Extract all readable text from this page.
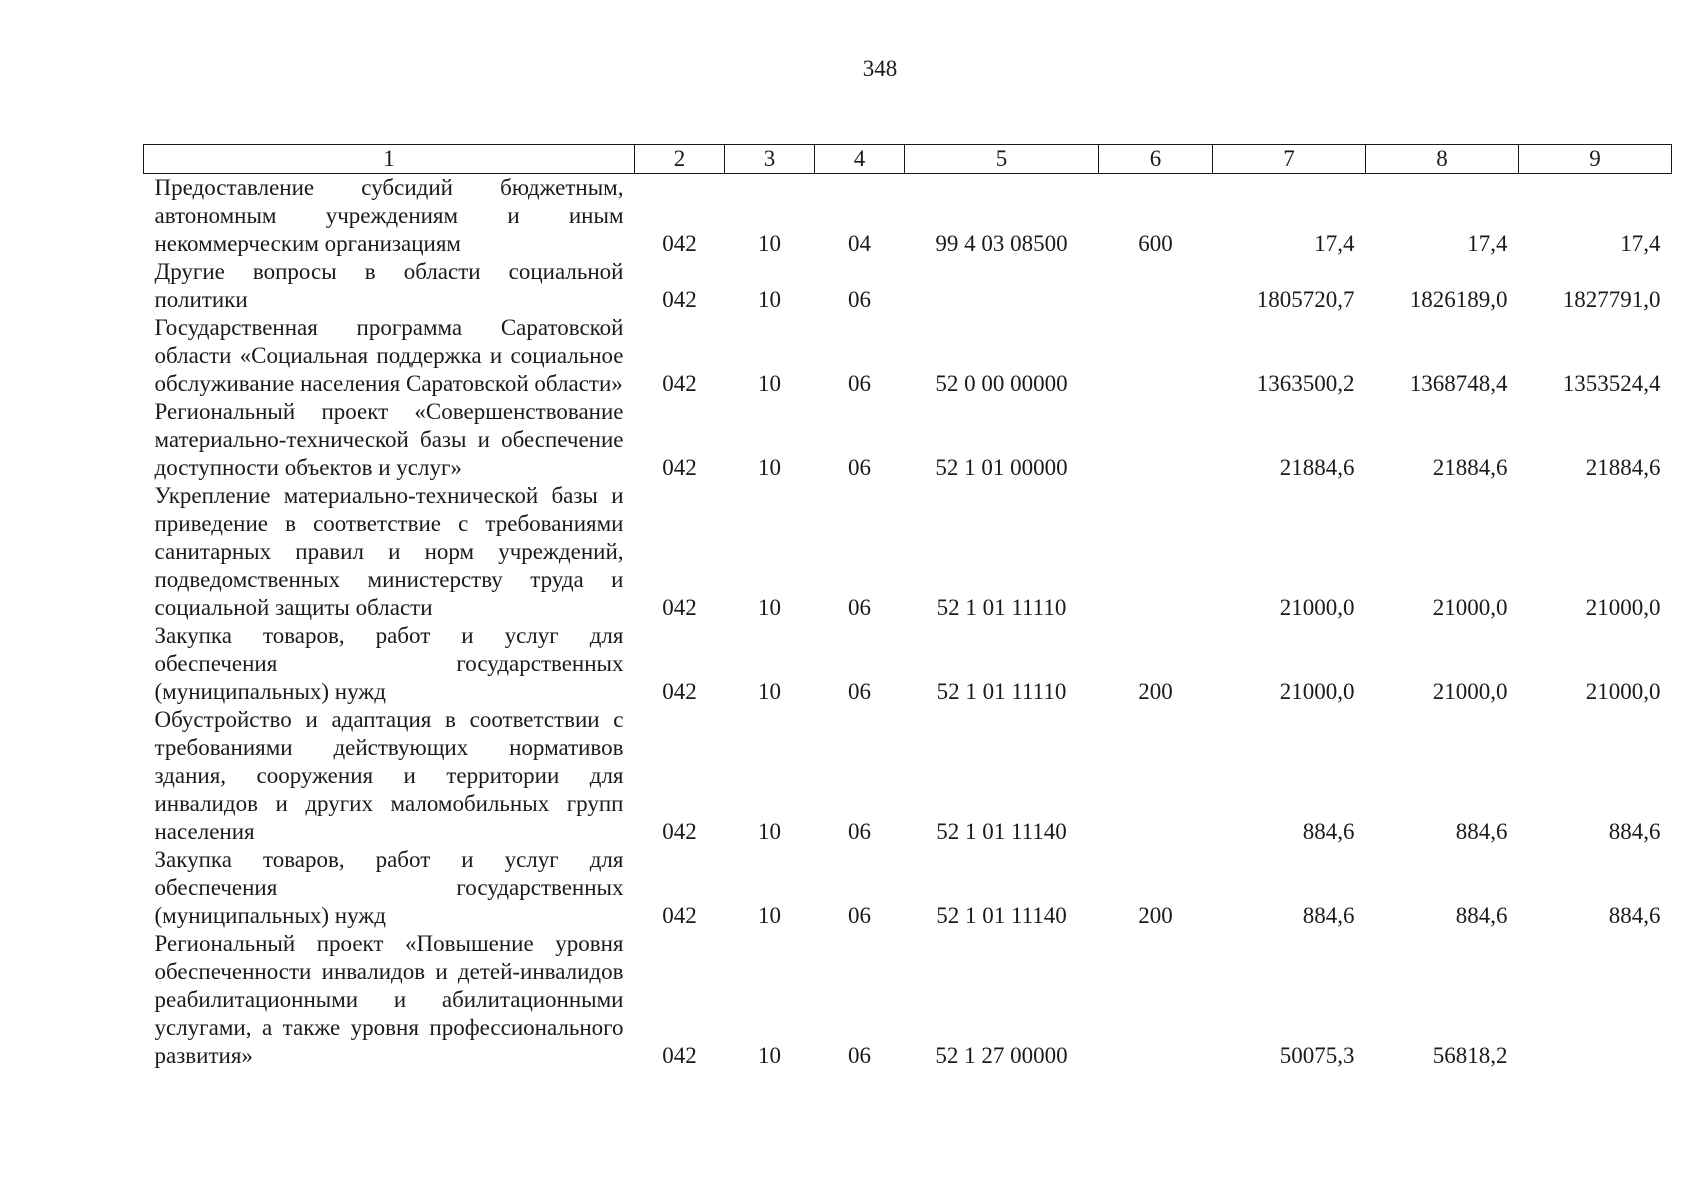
348
1	2	3	4	5	6	7	8	9
Предоставление субсидий бюджетным, автономным учреждениям и иным некоммерческим организациям	042	10	04	99 4 03 08500	600	17,4	17,4	17,4
Другие вопросы в области социальной политики	042	10	06			1805720,7	1826189,0	1827791,0
Государственная программа Саратовской области «Социальная поддержка и социальное обслуживание населения Саратовской области»	042	10	06	52 0 00 00000		1363500,2	1368748,4	1353524,4
Региональный проект «Совершенствование материально-технической базы и обеспечение доступности объектов и услуг»	042	10	06	52 1 01 00000		21884,6	21884,6	21884,6
Укрепление материально-технической базы и приведение в соответствие с требованиями санитарных правил и норм учреждений, подведомственных министерству труда и социальной защиты области	042	10	06	52 1 01 11110		21000,0	21000,0	21000,0
Закупка товаров, работ и услуг для обеспечения государственных (муниципальных) нужд	042	10	06	52 1 01 11110	200	21000,0	21000,0	21000,0
Обустройство и адаптация в соответствии с требованиями действующих нормативов здания, сооружения и территории для инвалидов и других маломобильных групп населения	042	10	06	52 1 01 11140		884,6	884,6	884,6
Закупка товаров, работ и услуг для обеспечения государственных (муниципальных) нужд	042	10	06	52 1 01 11140	200	884,6	884,6	884,6
Региональный проект «Повышение уровня обеспеченности инвалидов и детей-инвалидов реабилитационными и абилитационными услугами, а также уровня профессионального развития»	042	10	06	52 1 27 00000		50075,3	56818,2	
